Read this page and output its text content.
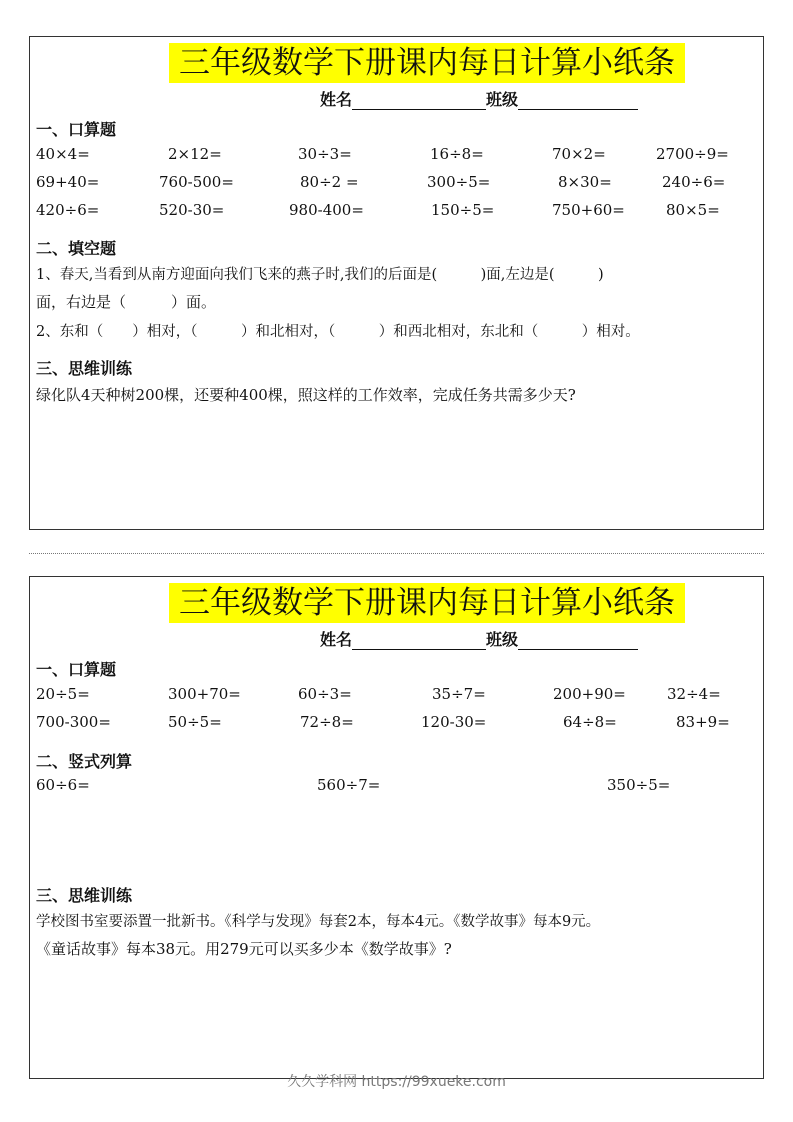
三年级数学下册课内每日计算小纸条
姓名	班级
一、口算题
40×4=	2×12=	30÷3=	16÷8=	70×2=	2700÷9=
69+40=	760-500=	80÷2 =	300÷5=	8×30=	240÷6=
420÷6=	520-30=	980-400=	150÷5=	750+60=	80×5=
二、填空题
1、春天,当看到从南方迎面向我们飞来的燕子时,我们的后面是(　　　)面,左边是(　　　)
面，右边是（　　　）面。
2、东和（　　）相对，（　　　）和北相对，（　　　）和西北相对，东北和（　　　）相对。
三、思维训练
绿化队4天种树200棵，还要种400棵，照这样的工作效率，完成任务共需多少天?
三年级数学下册课内每日计算小纸条
姓名	班级
一、口算题
20÷5=	300+70=	60÷3=	35÷7=	200+90=	32÷4=
700-300=	50÷5=	72÷8=	120-30=	64÷8=	83+9=
二、竖式列算
60÷6=	560÷7=	350÷5=
三、思维训练
学校图书室要添置一批新书。《科学与发现》每套2本，每本4元。《数学故事》每本9元。
《童话故事》每本38元。用279元可以买多少本《数学故事》?
久久学科网 https://99xueke.com
